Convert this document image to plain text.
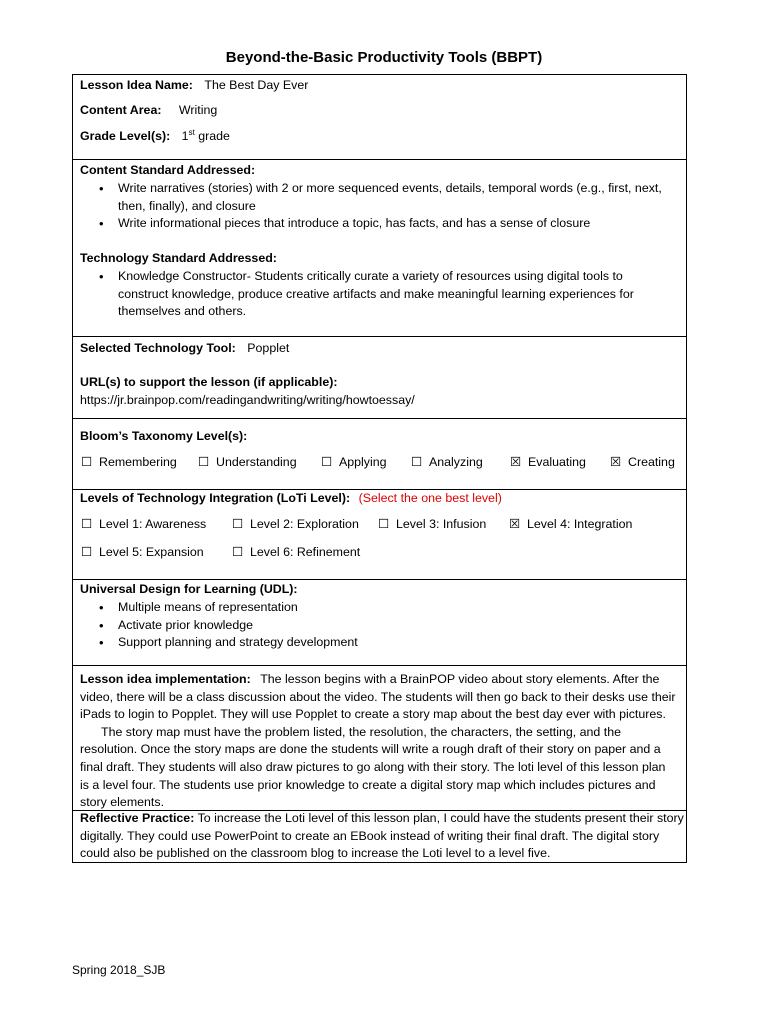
Beyond-the-Basic Productivity Tools (BBPT)
Lesson Idea Name: The Best Day Ever
Content Area: Writing
Grade Level(s): 1st grade
Content Standard Addressed:
• Write narratives (stories) with 2 or more sequenced events, details, temporal words (e.g., first, next,
then, finally), and closure
• Write informational pieces that introduce a topic, has facts, and has a sense of closure
Technology Standard Addressed:
• Knowledge Constructor- Students critically curate a variety of resources using digital tools to
construct knowledge, produce creative artifacts and make meaningful learning experiences for
themselves and others.
Selected Technology Tool: Popplet
URL(s) to support the lesson (if applicable):
https://jr.brainpop.com/readingandwriting/writing/howtoessay/
Bloom’s Taxonomy Level(s):
☐ Remembering ☐ Understanding ☐ Applying ☐ Analyzing ☒ Evaluating ☒ Creating
Levels of Technology Integration (LoTi Level): (Select the one best level)
☐ Level 1: Awareness ☐ Level 2: Exploration ☐ Level 3: Infusion ☒ Level 4: Integration
☐ Level 5: Expansion ☐ Level 6: Refinement
Universal Design for Learning (UDL):
• Multiple means of representation
• Activate prior knowledge
• Support planning and strategy development
Lesson idea implementation: The lesson begins with a BrainPOP video about story elements. After the
video, there will be a class discussion about the video. The students will then go back to their desks use their
iPads to login to Popplet. They will use Popplet to create a story map about the best day ever with pictures.
The story map must have the problem listed, the resolution, the characters, the setting, and the
resolution. Once the story maps are done the students will write a rough draft of their story on paper and a
final draft. They students will also draw pictures to go along with their story. The loti level of this lesson plan
is a level four. The students use prior knowledge to create a digital story map which includes pictures and
story elements.
Reflective Practice: To increase the Loti level of this lesson plan, I could have the students present their story
digitally. They could use PowerPoint to create an EBook instead of writing their final draft. The digital story
could also be published on the classroom blog to increase the Loti level to a level five.
Spring 2018_SJB
